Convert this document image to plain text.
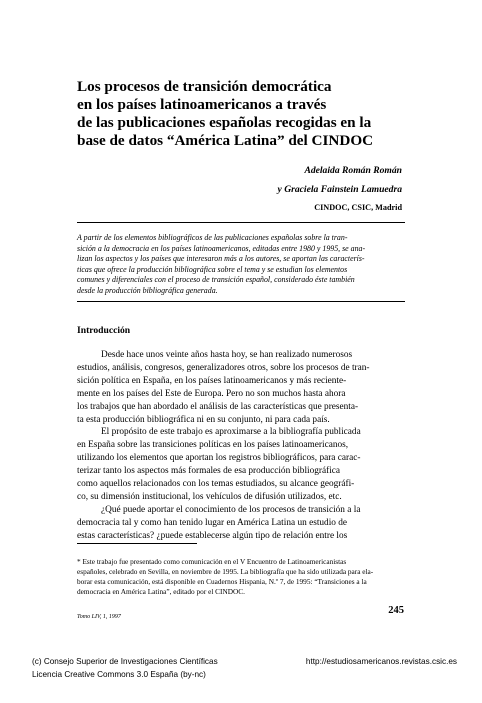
Los procesos de transición democrática
en los países latinoamericanos a través
de las publicaciones españolas recogidas en la
base de datos “América Latina” del CINDOC
Adelaida Román Román
y Graciela Fainstein Lamuedra
CINDOC, CSIC, Madrid
A partir de los elementos bibliográficos de las publicaciones españolas sobre la tran-
sición a la democracia en los países latinoamericanos, editadas entre 1980 y 1995, se ana-
lizan los aspectos y los países que interesaron más a los autores, se aportan las caracterís-
ticas que ofrece la producción bibliográfica sobre el tema y se estudian los elementos
comunes y diferenciales con el proceso de transición español, considerado éste también
desde la producción bibliográfica generada.
Introducción
Desde hace unos veinte años hasta hoy, se han realizado numerosos
estudios, análisis, congresos, generalizadores otros, sobre los procesos de tran-
sición política en España, en los países latinoamericanos y más reciente-
mente en los países del Este de Europa. Pero no son muchos hasta ahora
los trabajos que han abordado el análisis de las características que presenta-
ta esta producción bibliográfica ni en su conjunto, ni para cada país.
El propósito de este trabajo es aproximarse a la bibliografía publicada
en España sobre las transiciones políticas en los países latinoamericanos,
utilizando los elementos que aportan los registros bibliográficos, para carac-
terizar tanto los aspectos más formales de esa producción bibliográfica
como aquellos relacionados con los temas estudiados, su alcance geográfi-
co, su dimensión institucional, los vehículos de difusión utilizados, etc.
¿Qué puede aportar el conocimiento de los procesos de transición a la
democracia tal y como han tenido lugar en América Latina un estudio de
estas características? ¿puede establecerse algún tipo de relación entre los
* Este trabajo fue presentado como comunicación en el V Encuentro de Latinoamericanistas
españoles, celebrado en Sevilla, en noviembre de 1995. La bibliografía que ha sido utilizada para ela-
borar esta comunicación, está disponible en Cuadernos Hispania, N.º 7, de 1995: “Transiciones a la
democracia en América Latina”, editado por el CINDOC.
Tomo LIV, 1, 1997
245
(c) Consejo Superior de Investigaciones Científicas
Licencia Creative Commons 3.0 España (by-nc)
http://estudiosamericanos.revistas.csic.es
